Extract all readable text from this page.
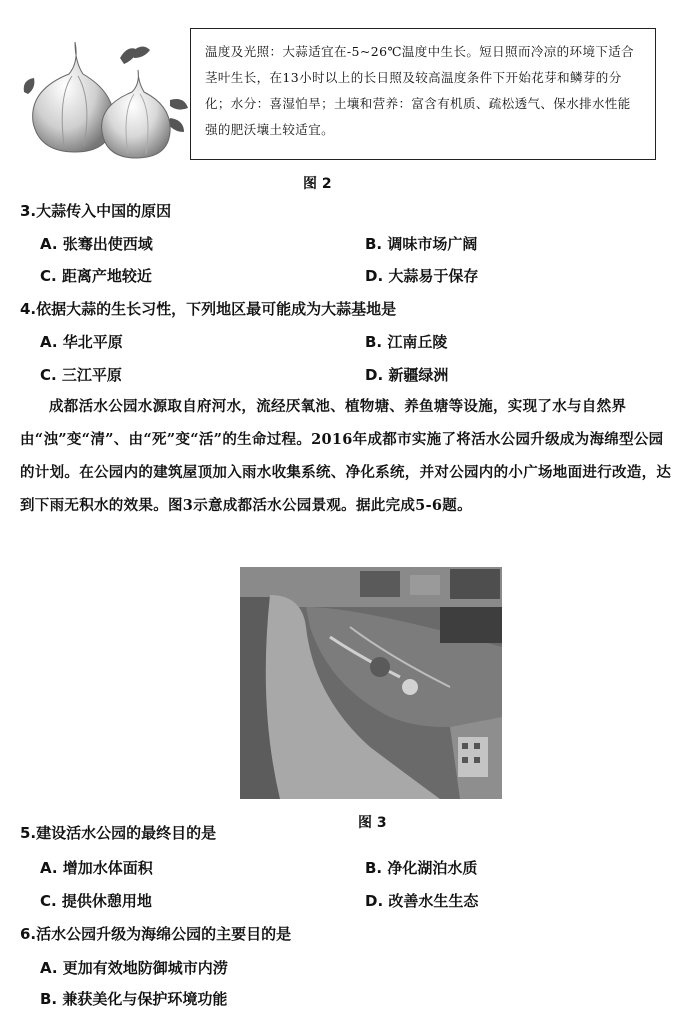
温度及光照：大蒜适宜在-5~26℃温度中生长。短日照而冷凉的环境下适合茎叶生长，在13小时以上的长日照及较高温度条件下开始花芽和鳞芽的分化；水分：喜湿怕旱；土壤和营养：富含有机质、疏松透气、保水排水性能强的肥沃壤土较适宜。
图 2
3.大蒜传入中国的原因
A. 张骞出使西域	B. 调味市场广阔
C. 距离产地较近	D. 大蒜易于保存
4.依据大蒜的生长习性，下列地区最可能成为大蒜基地是
A. 华北平原	B. 江南丘陵
C. 三江平原	D. 新疆绿洲

成都活水公园水源取自府河水，流经厌氧池、植物塘、养鱼塘等设施，实现了水与自然界由“浊”变“清”、由“死”变“活”的生命过程。2016年成都市实施了将活水公园升级成为海绵型公园的计划。在公园内的建筑屋顶加入雨水收集系统、净化系统，并对公园内的小广场地面进行改造，达到下雨无积水的效果。图3示意成都活水公园景观。据此完成5-6题。

图 3
5.建设活水公园的最终目的是
A. 增加水体面积	B. 净化湖泊水质
C. 提供休憩用地	D. 改善水生生态
6.活水公园升级为海绵公园的主要目的是
A. 更加有效地防御城市内涝
B. 兼获美化与保护环境功能
